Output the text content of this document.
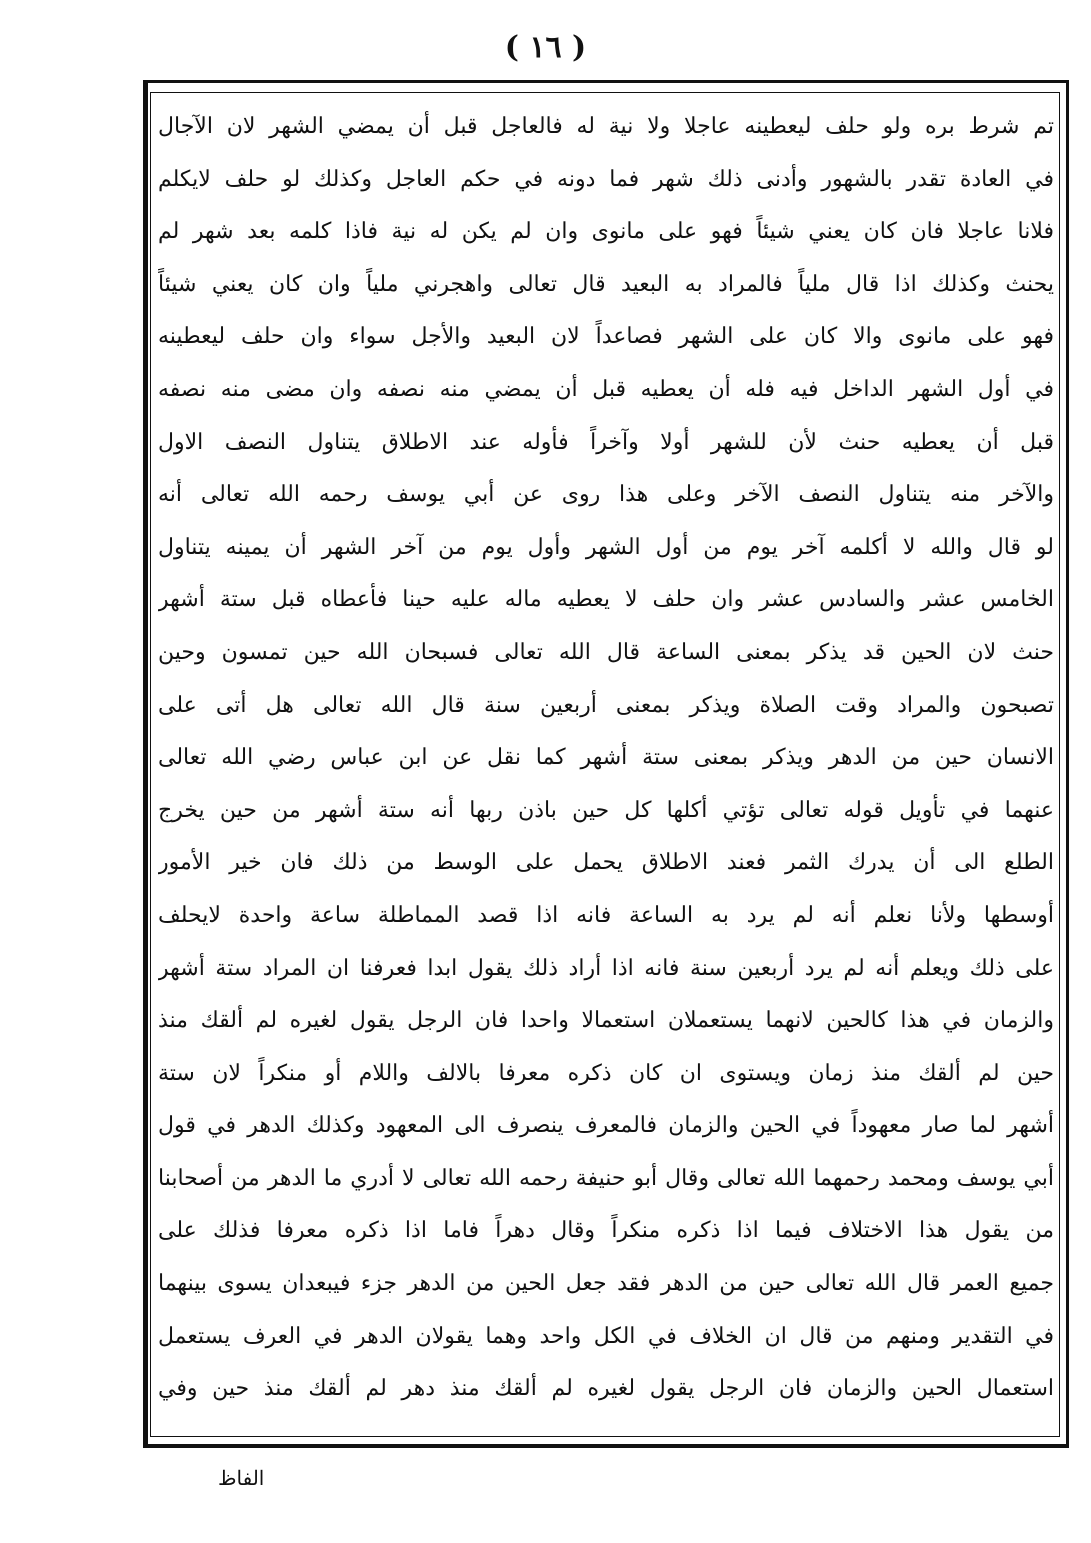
( ١٦ )
تم شرط بره ولو حلف ليعطينه عاجلا ولا نية له فالعاجل قبل أن يمضي الشهر لان الآجال
في العادة تقدر بالشهور وأدنى ذلك شهر فما دونه في حكم العاجل وكذلك لو حلف لايكلم
فلانا عاجلا فان كان يعني شيئاً فهو على مانوى وان لم يكن له نية فاذا كلمه بعد شهر لم
يحنث وكذلك اذا قال ملياً فالمراد به البعيد قال تعالى واهجرني ملياً وان كان يعني شيئاً
فهو على مانوى والا كان على الشهر فصاعداً لان البعيد والأجل سواء وان حلف ليعطينه
في أول الشهر الداخل فيه فله أن يعطيه قبل أن يمضي منه نصفه وان مضى منه نصفه
قبل أن يعطيه حنث لأن للشهر أولا وآخراً فأوله عند الاطلاق يتناول النصف الاول
والآخر منه يتناول النصف الآخر وعلى هذا روى عن أبي يوسف رحمه الله تعالى أنه
لو قال والله لا أكلمه آخر يوم من أول الشهر وأول يوم من آخر الشهر أن يمينه يتناول
الخامس عشر والسادس عشر وان حلف لا يعطيه ماله عليه حينا فأعطاه قبل ستة أشهر
حنث لان الحين قد يذكر بمعنى الساعة قال الله تعالى فسبحان الله حين تمسون وحين
تصبحون والمراد وقت الصلاة ويذكر بمعنى أربعين سنة قال الله تعالى هل أتى على
الانسان حين من الدهر ويذكر بمعنى ستة أشهر كما نقل عن ابن عباس رضي الله تعالى
عنهما في تأويل قوله تعالى تؤتي أكلها كل حين باذن ربها أنه ستة أشهر من حين يخرج
الطلع الى أن يدرك الثمر فعند الاطلاق يحمل على الوسط من ذلك فان خير الأمور
أوسطها ولأنا نعلم أنه لم يرد به الساعة فانه اذا قصد المماطلة ساعة واحدة لايحلف
على ذلك ويعلم أنه لم يرد أربعين سنة فانه اذا أراد ذلك يقول ابدا فعرفنا ان المراد ستة أشهر
والزمان في هذا كالحين لانهما يستعملان استعمالا واحدا فان الرجل يقول لغيره لم ألقك منذ
حين لم ألقك منذ زمان ويستوى ان كان ذكره معرفا بالالف واللام أو منكراً لان ستة
أشهر لما صار معهوداً في الحين والزمان فالمعرف ينصرف الى المعهود وكذلك الدهر في قول
أبي يوسف ومحمد رحمهما الله تعالى وقال أبو حنيفة رحمه الله تعالى لا أدري ما الدهر من أصحابنا
من يقول هذا الاختلاف فيما اذا ذكره منكراً وقال دهراً فاما اذا ذكره معرفا فذلك على
جميع العمر قال الله تعالى حين من الدهر فقد جعل الحين من الدهر جزء فيبعدان يسوى بينهما
في التقدير ومنهم من قال ان الخلاف في الكل واحد وهما يقولان الدهر في العرف يستعمل
استعمال الحين والزمان فان الرجل يقول لغيره لم ألقك منذ دهر لم ألقك منذ حين وفي
الفاظ
